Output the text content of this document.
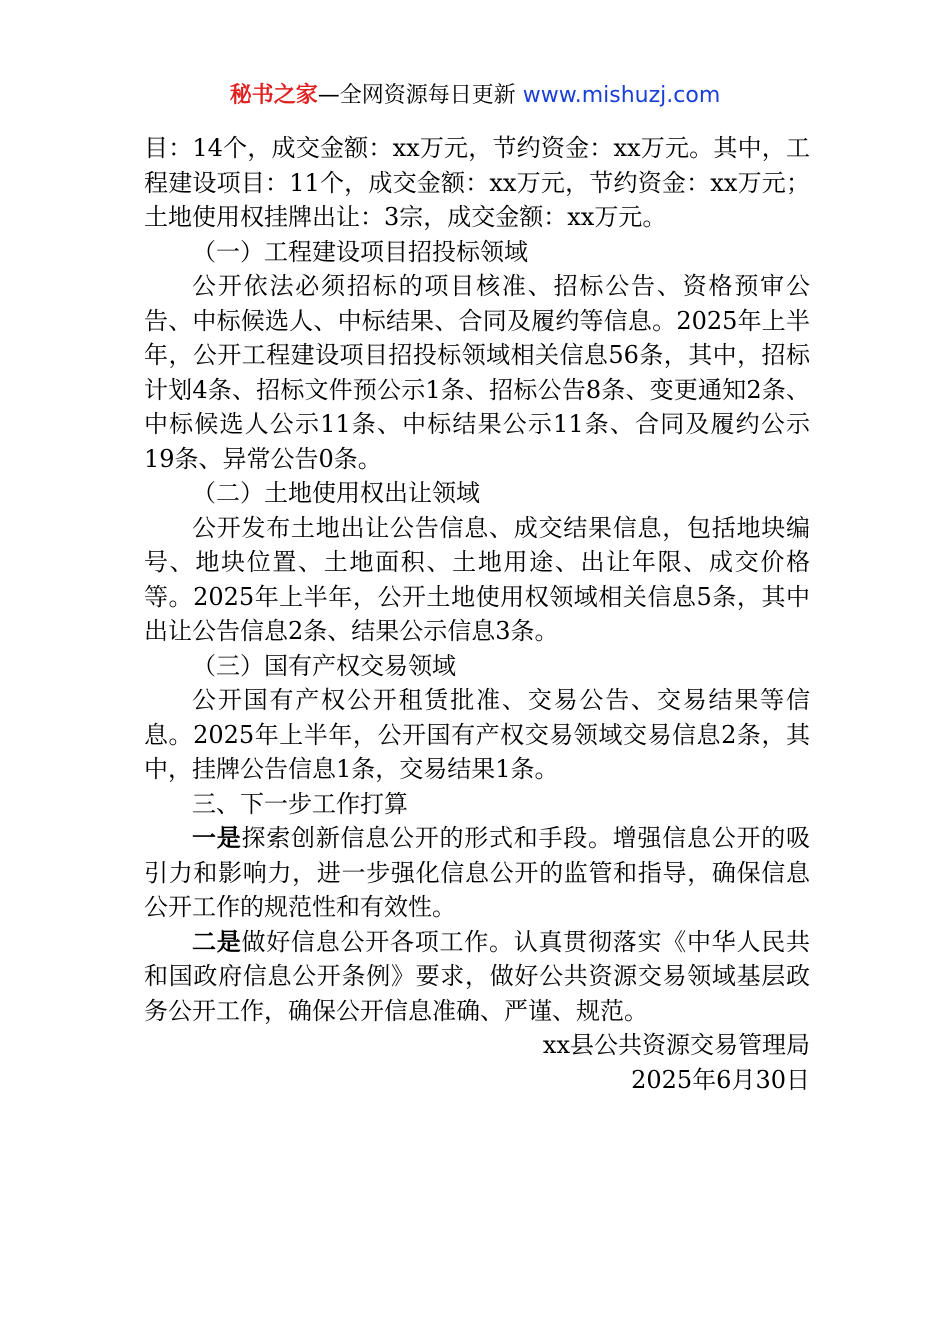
秘书之家—全网资源每日更新 www.mishuzj.com

目：14个，成交金额：xx万元，节约资金：xx万元。其中，工程建设项目：11个，成交金额：xx万元，节约资金：xx万元；土地使用权挂牌出让：3宗，成交金额：xx万元。

（一）工程建设项目招投标领域

公开依法必须招标的项目核准、招标公告、资格预审公告、中标候选人、中标结果、合同及履约等信息。2025年上半年，公开工程建设项目招投标领域相关信息56条，其中，招标计划4条、招标文件预公示1条、招标公告8条、变更通知2条、中标候选人公示11条、中标结果公示11条、合同及履约公示19条、异常公告0条。

（二）土地使用权出让领域

公开发布土地出让公告信息、成交结果信息，包括地块编号、地块位置、土地面积、土地用途、出让年限、成交价格等。2025年上半年，公开土地使用权领域相关信息5条，其中出让公告信息2条、结果公示信息3条。

（三）国有产权交易领域

公开国有产权公开租赁批准、交易公告、交易结果等信息。2025年上半年，公开国有产权交易领域交易信息2条，其中，挂牌公告信息1条，交易结果1条。

三、下一步工作打算

一是探索创新信息公开的形式和手段。增强信息公开的吸引力和影响力，进一步强化信息公开的监管和指导，确保信息公开工作的规范性和有效性。

二是做好信息公开各项工作。认真贯彻落实《中华人民共和国政府信息公开条例》要求，做好公共资源交易领域基层政务公开工作，确保公开信息准确、严谨、规范。

xx县公共资源交易管理局

2025年6月30日
